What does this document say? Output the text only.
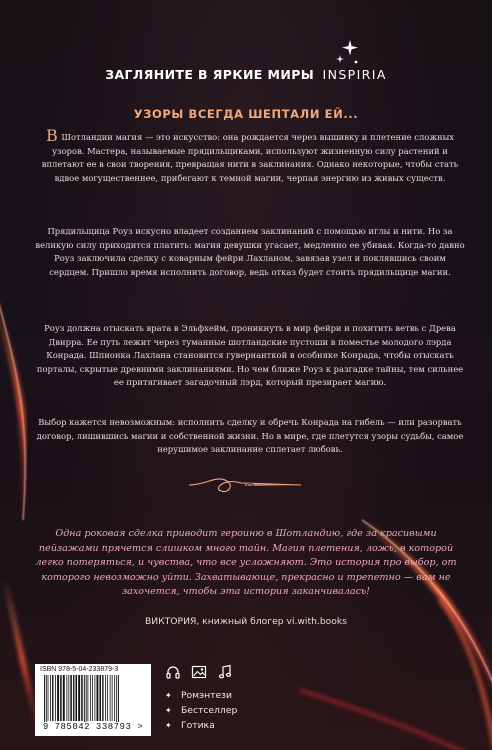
ЗАГЛЯНИТЕ В ЯРКИЕ МИРЫ INSPIRIA
УЗОРЫ ВСЕГДА ШЕПТАЛИ ЕЙ...

В Шотландии магия — это искусство: она рождается через вышивку и плетение сложных узоров. Мастера, называемые прядильщиками, используют жизненную силу растений и вплетают ее в свои творения, превращая нити в заклинания. Однако некоторые, чтобы стать вдвое могущественнее, прибегают к темной магии, черпая энергию из живых существ.

Прядильщица Роуз искусно владеет созданием заклинаний с помощью иглы и нити. Но за великую силу приходится платить: магия девушки угасает, медленно ее убивая. Когда-то давно Роуз заключила сделку с коварным фейри Лахланом, завязав узел и поклявшись своим сердцем. Пришло время исполнить договор, ведь отказ будет стоить прядильщице магии.

Роуз должна отыскать врата в Эльфхейм, проникнуть в мир фейри и похитить ветвь с Древа Двирра. Ее путь лежит через туманные шотландские пустоши в поместье молодого лэрда Конрада. Шпионка Лахлана становится гувернанткой в особняке Конрада, чтобы отыскать порталы, скрытые древними заклинаниями. Но чем ближе Роуз к разгадке тайны, тем сильнее ее притягивает загадочный лэрд, который презирает магию.

Выбор кажется невозможным: исполнить сделку и обречь Конрада на гибель — или разорвать договор, лишившись магии и собственной жизни. Но в мире, где плетутся узоры судьбы, самое нерушимое заклинание сплетает любовь.

Одна роковая сделка приводит героиню в Шотландию, где за красивыми пейзажами прячется слишком много тайн. Магия плетения, ложь, в которой легко потеряться, и чувства, что все усложняют. Это история про выбор, от которого невозможно уйти. Захватывающе, прекрасно и трепетно — вам не захочется, чтобы эта история заканчивалась!

ВИКТОРИЯ, книжный блогер vi.with.books
ISBN 978-5-04-233879-3
9 785042 338793 >
✦	Ромэнтези
✦	Бестселлер
✦	Готика
